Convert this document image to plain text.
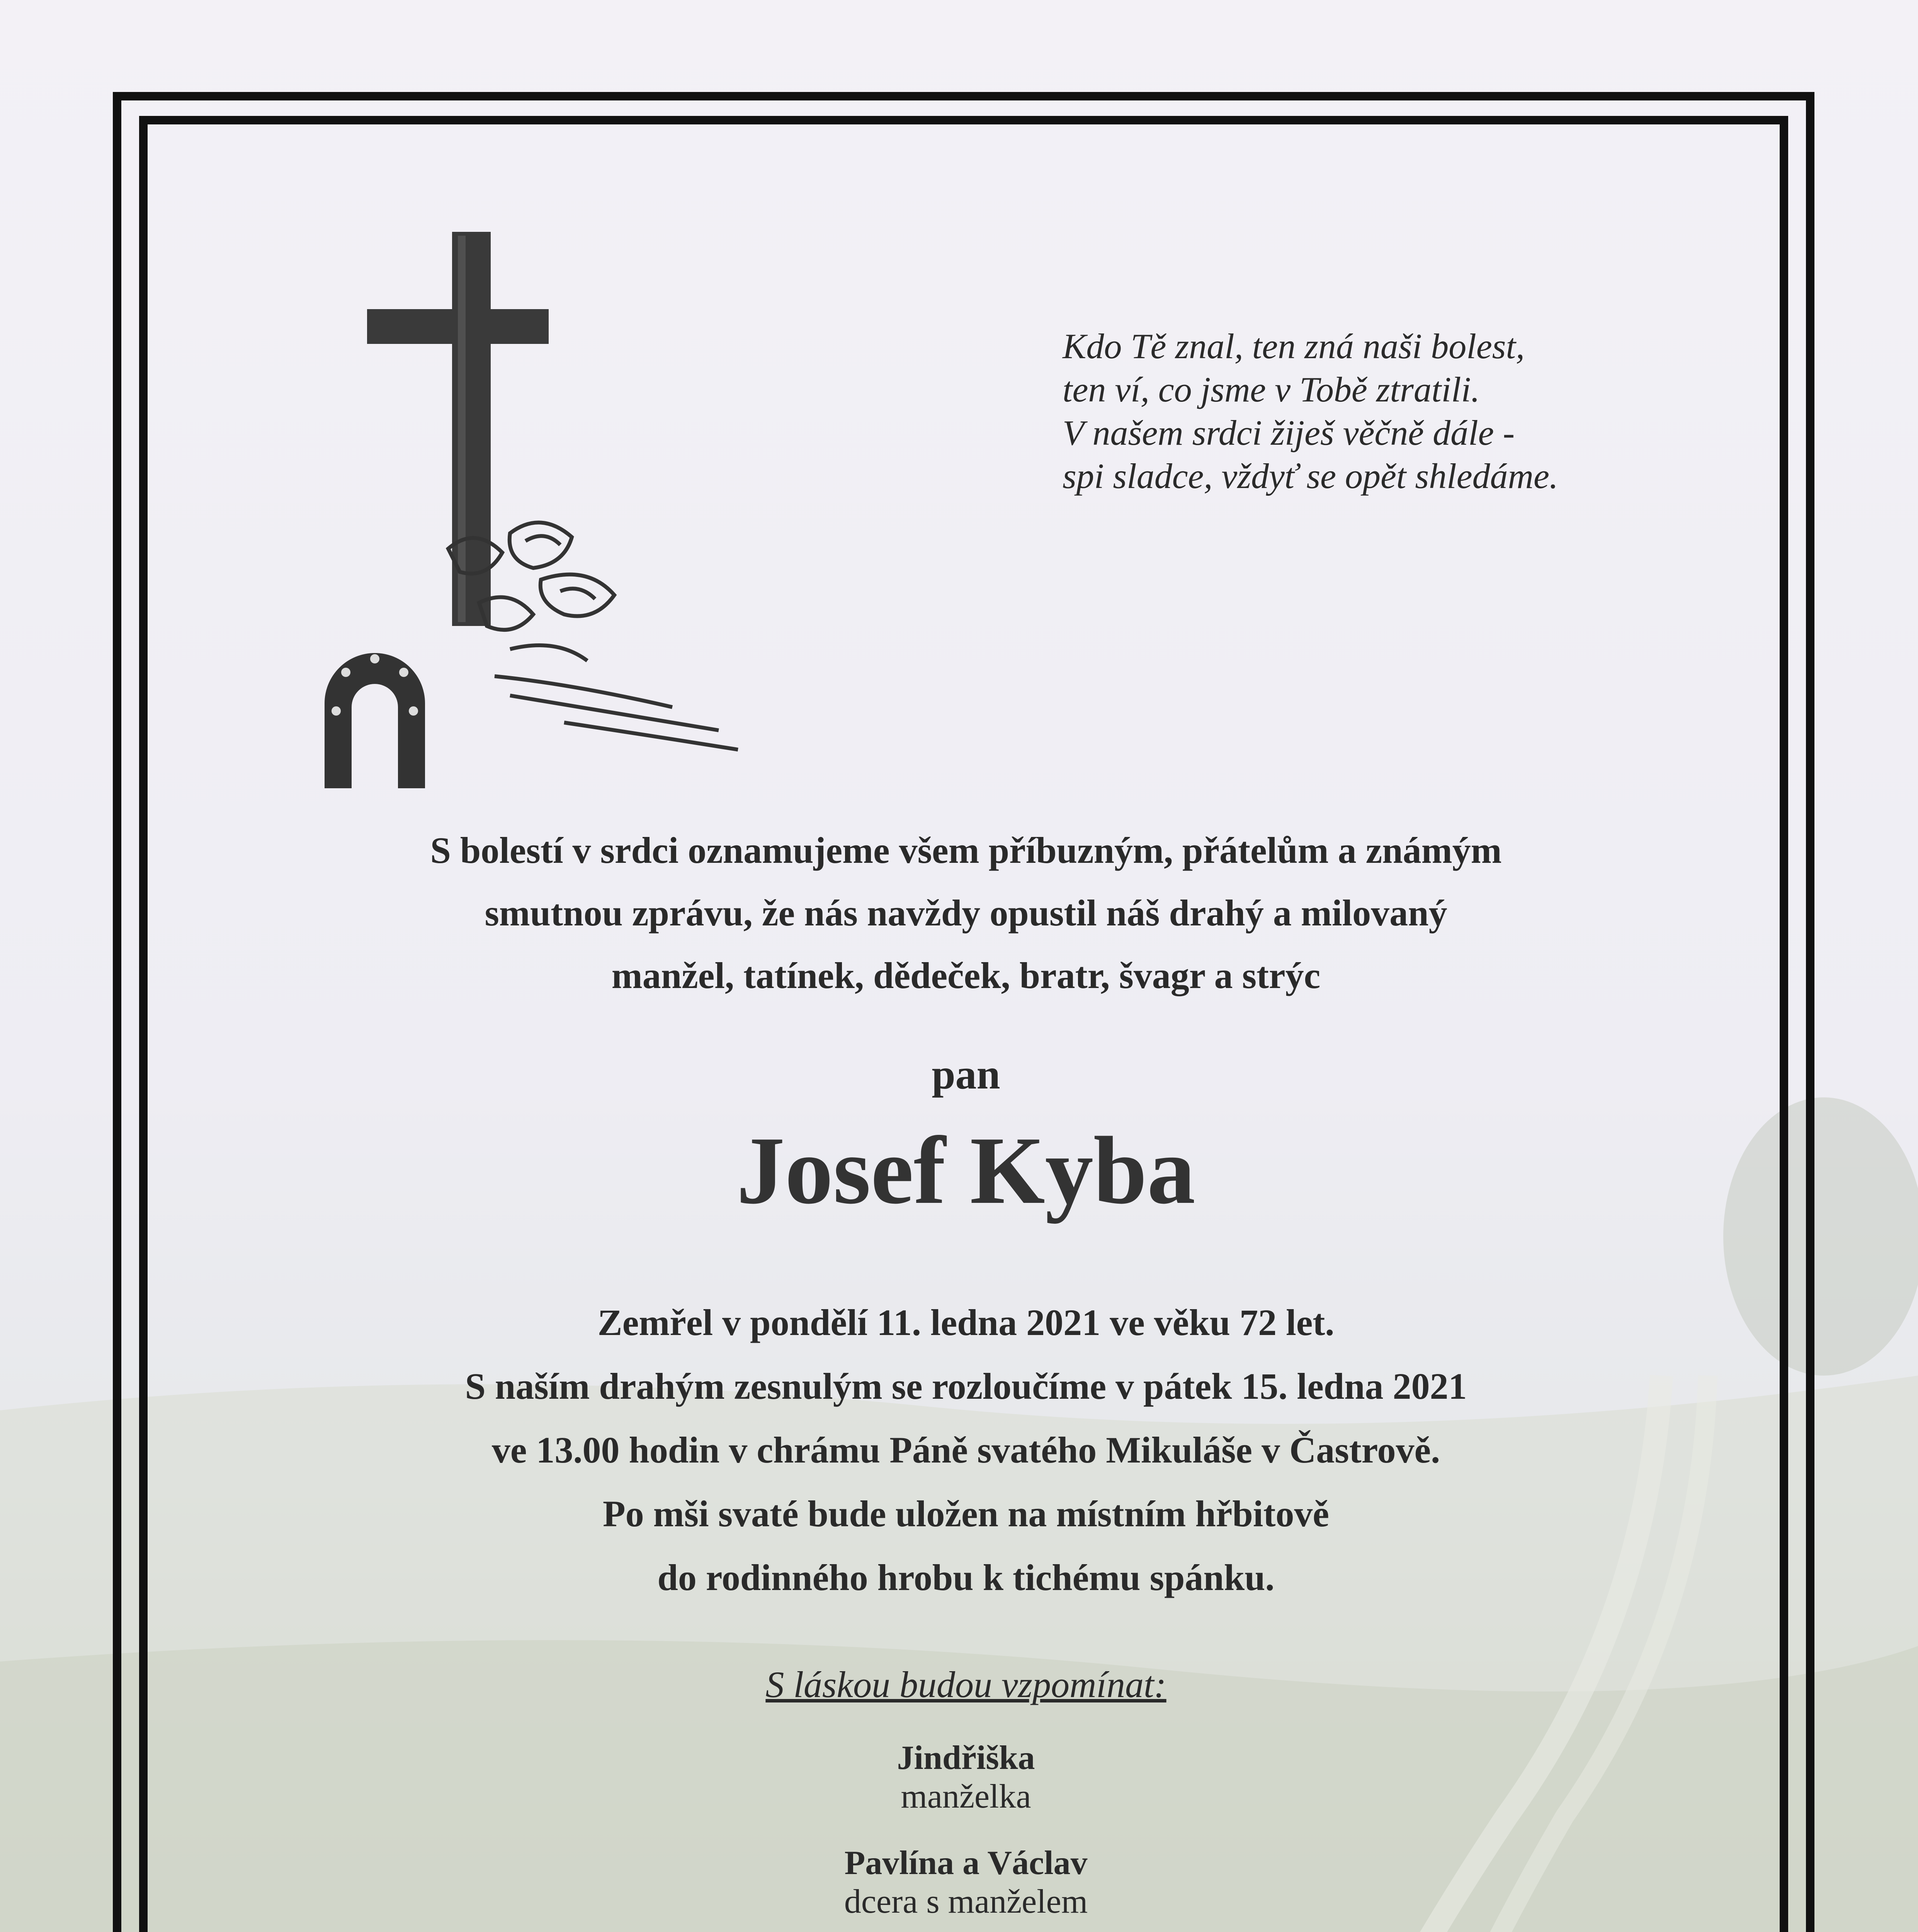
Kdo Tě znal, ten zná naši bolest,
ten ví, co jsme v Tobě ztratili.
V našem srdci žiješ věčně dále -
spi sladce, vždyť se opět shledáme.
S bolestí v srdci oznamujeme všem příbuzným, přátelům a známým
smutnou zprávu, že nás navždy opustil náš drahý a milovaný
manžel, tatínek, dědeček, bratr, švagr a strýc
pan
Josef Kyba
Zemřel v pondělí 11. ledna 2021 ve věku 72 let.
S naším drahým zesnulým se rozloučíme v pátek 15. ledna 2021
ve 13.00 hodin v chrámu Páně svatého Mikuláše v Častrově.
Po mši svaté bude uložen na místním hřbitově
do rodinného hrobu k tichému spánku.
S láskou budou vzpomínat:
Jindřiška
manželka
Pavlína a Václav
dcera s manželem
